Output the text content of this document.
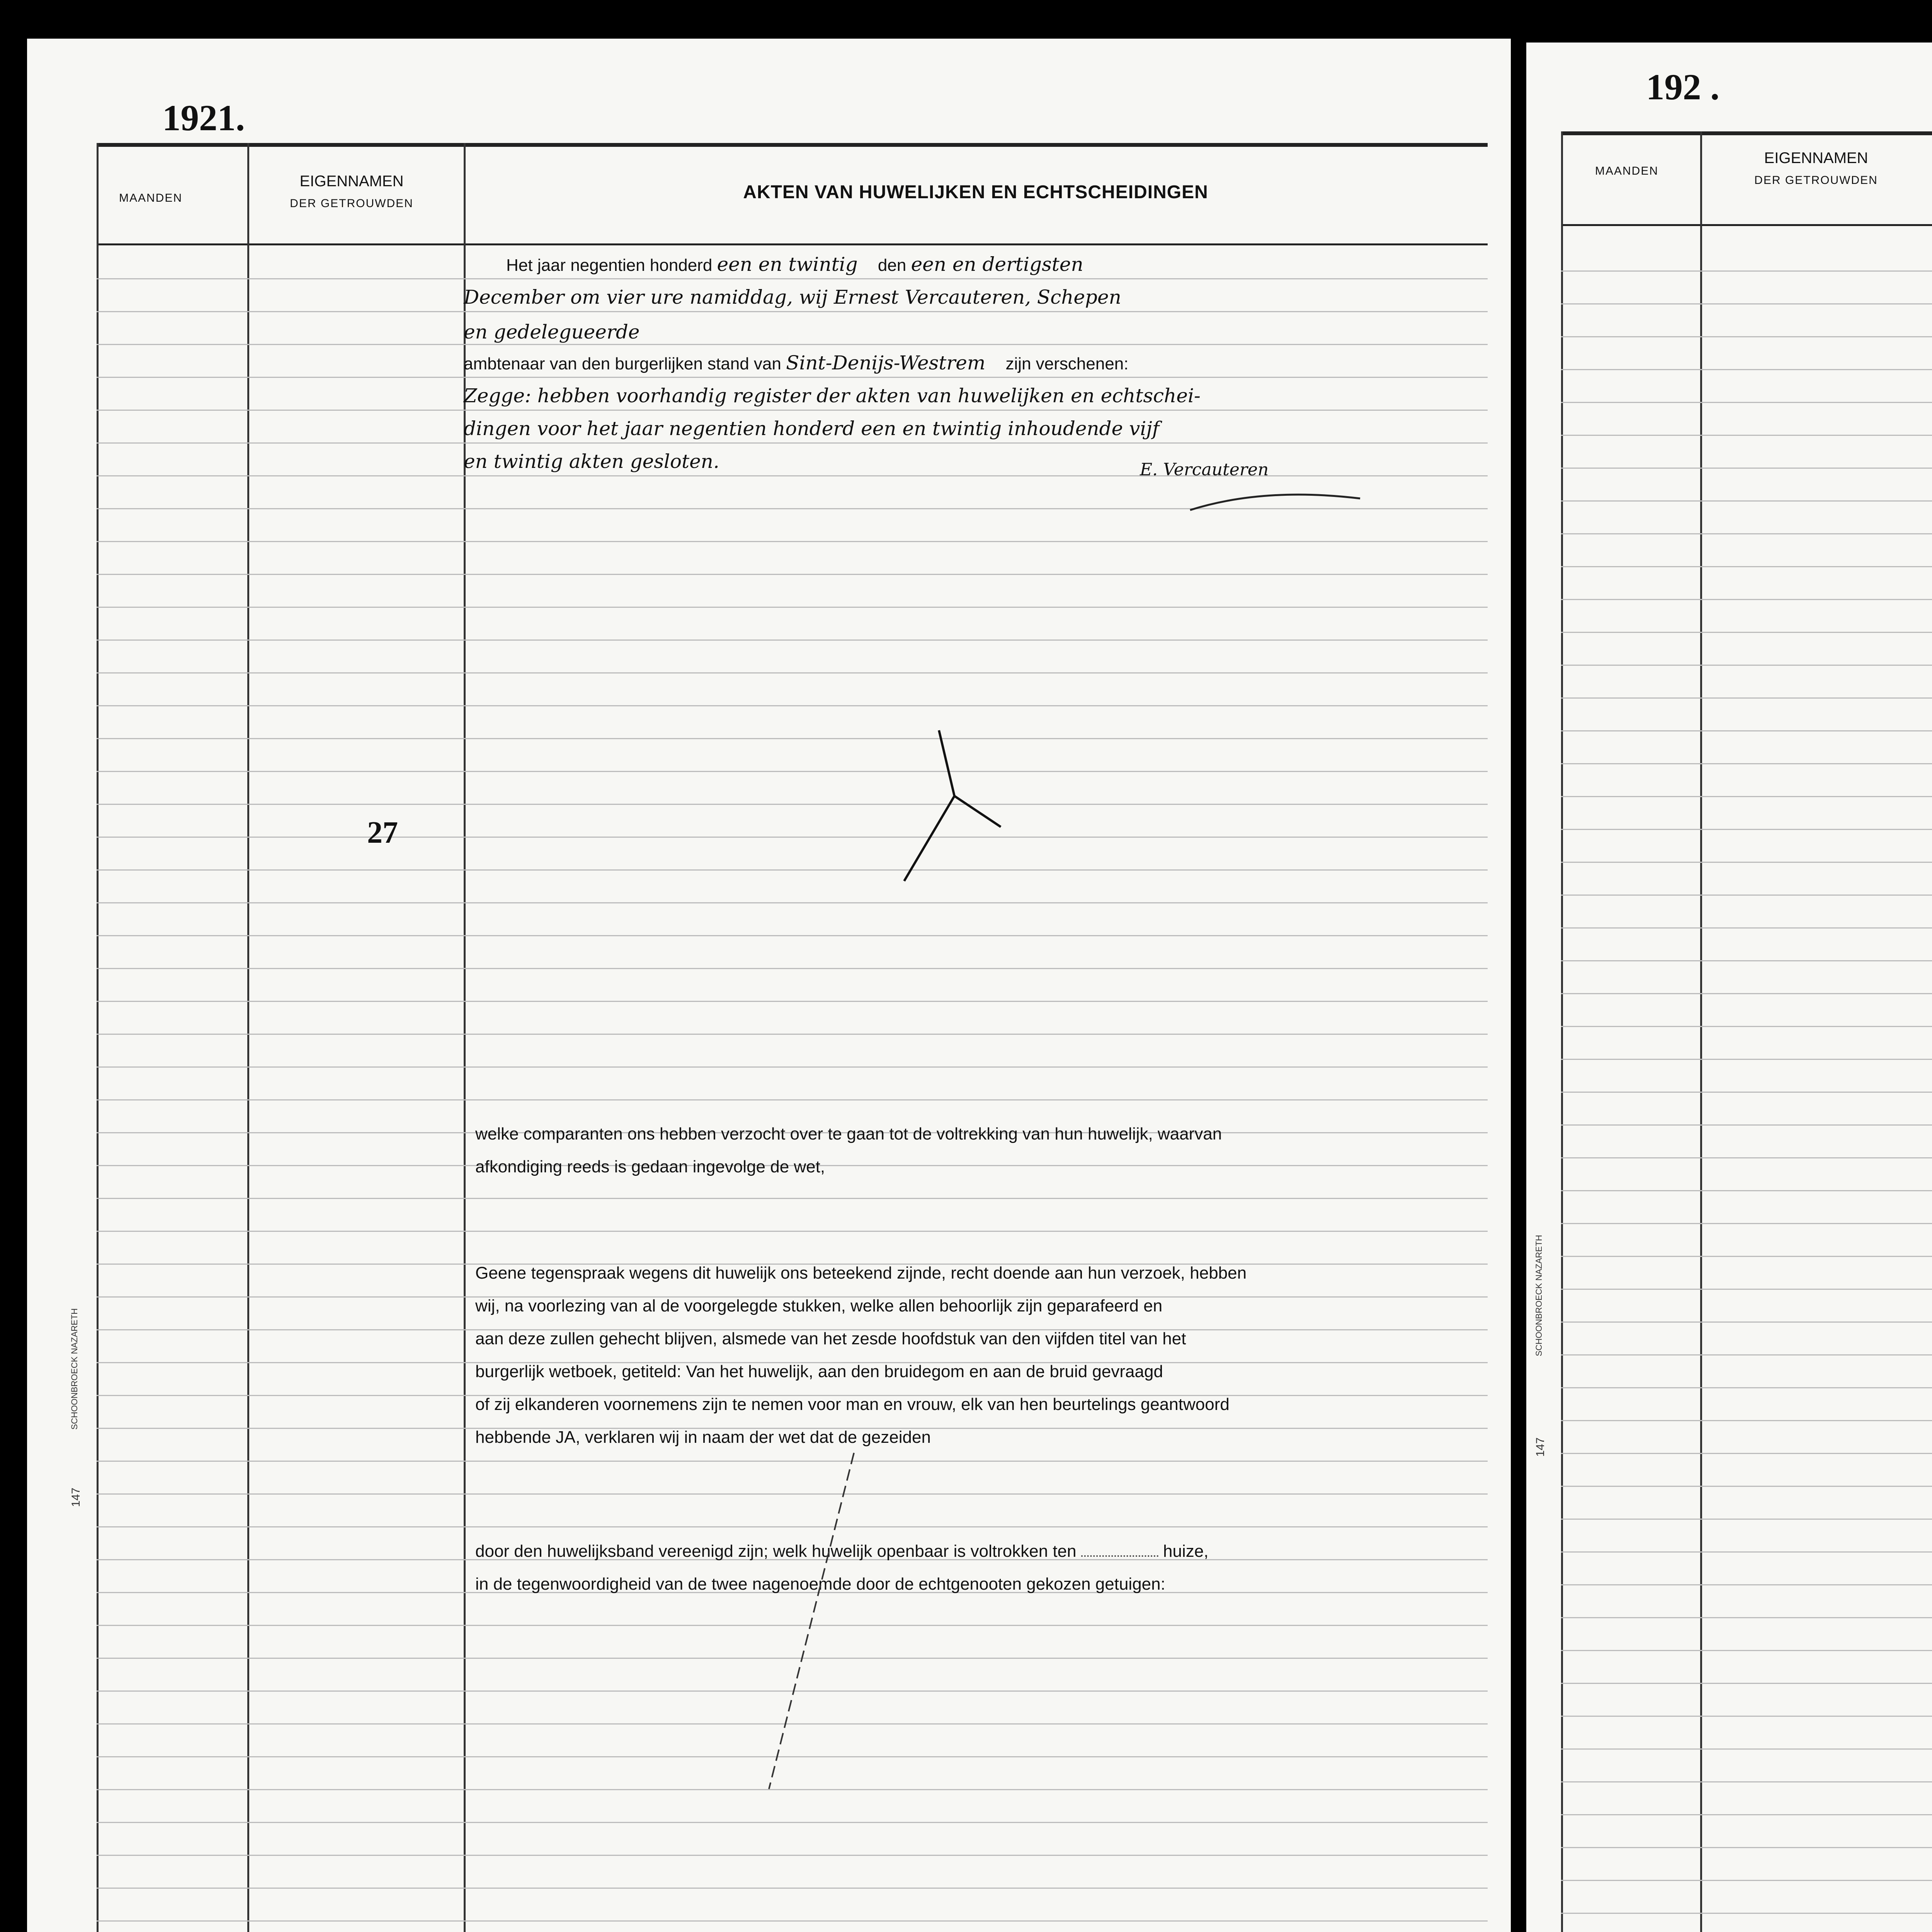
1921.
MAANDEN
EIGENNAMEN
DER GETROUWDEN
AKTEN VAN HUWELIJKEN EN ECHTSCHEIDINGEN
Het jaar negentien honderd een en twintig den een en dertigsten
December om vier ure namiddag, wij Ernest Vercauteren, Schepen
en gedelegueerde
ambtenaar van den burgerlijken stand van Sint-Denijs-Westrem zijn verschenen:
Zegge: hebben voorhandig register der akten van huwelijken en echtschei-
dingen voor het jaar negentien honderd een en twintig inhoudende vijf
en twintig akten gesloten.	E. Vercauteren
27
welke comparanten ons hebben verzocht over te gaan tot de voltrekking van hun huwelijk, waarvan
afkondiging reeds is gedaan ingevolge de wet,
Geene tegenspraak wegens dit huwelijk ons beteekend zijnde, recht doende aan hun verzoek, hebben
wij, na voorlezing van al de voorgelegde stukken, welke allen behoorlijk zijn geparafeerd en
aan deze zullen gehecht blijven, alsmede van het zesde hoofdstuk van den vijfden titel van het
burgerlijk wetboek, getiteld: Van het huwelijk, aan den bruidegom en aan de bruid gevraagd
of zij elkanderen voornemens zijn te nemen voor man en vrouw, elk van hen beurtelings geantwoord
hebbende JA, verklaren wij in naam der wet dat de gezeiden
door den huwelijksband vereenigd zijn; welk huwelijk openbaar is voltrokken ten	huize,
in de tegenwoordigheid van de twee nagenoemde door de echtgenooten gekozen getuigen:
SCHOONBROECK NAZARETH
147
192 .
MAANDEN
EIGENNAMEN
DER GETROUWDEN

SCHOONBROECK NAZARETH
147
